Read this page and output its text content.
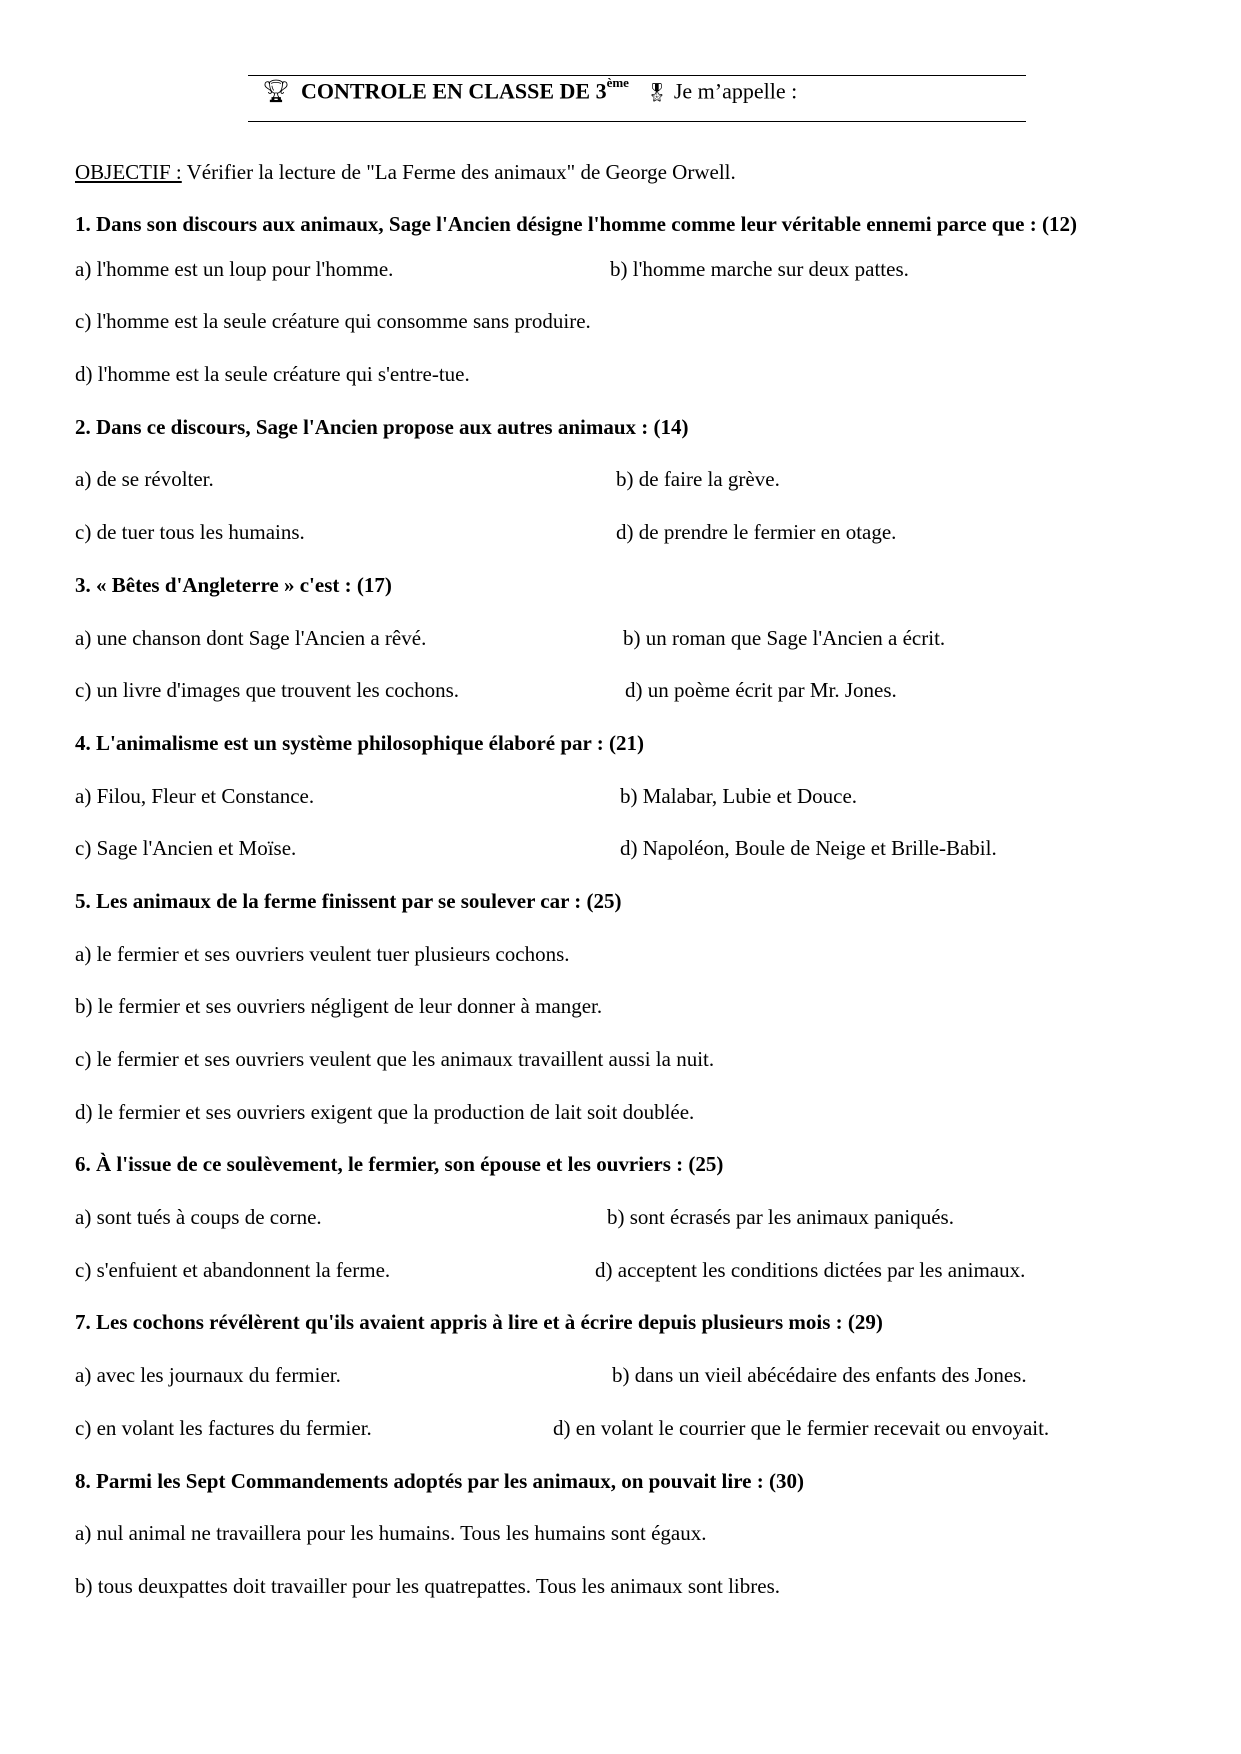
🏆︎ CONTROLE EN CLASSE DE 3ème 🎖︎ Je m’appelle :
OBJECTIF : Vérifier la lecture de "La Ferme des animaux" de George Orwell.
1. Dans son discours aux animaux, Sage l'Ancien désigne l'homme comme leur véritable ennemi parce que : (12)
a) l'homme est un loup pour l'homme.	b) l'homme marche sur deux pattes.
c) l'homme est la seule créature qui consomme sans produire.
d) l'homme est la seule créature qui s'entre-tue.
2. Dans ce discours, Sage l'Ancien propose aux autres animaux : (14)
a) de se révolter.	b) de faire la grève.
c) de tuer tous les humains.	d) de prendre le fermier en otage.
3. « Bêtes d'Angleterre » c'est : (17)
a) une chanson dont Sage l'Ancien a rêvé.	b) un roman que Sage l'Ancien a écrit.
c) un livre d'images que trouvent les cochons.	d) un poème écrit par Mr. Jones.
4. L'animalisme est un système philosophique élaboré par : (21)
a) Filou, Fleur et Constance.	b) Malabar, Lubie et Douce.
c) Sage l'Ancien et Moïse.	d) Napoléon, Boule de Neige et Brille-Babil.
5. Les animaux de la ferme finissent par se soulever car : (25)
a) le fermier et ses ouvriers veulent tuer plusieurs cochons.
b) le fermier et ses ouvriers négligent de leur donner à manger.
c) le fermier et ses ouvriers veulent que les animaux travaillent aussi la nuit.
d) le fermier et ses ouvriers exigent que la production de lait soit doublée.
6. À l'issue de ce soulèvement, le fermier, son épouse et les ouvriers : (25)
a) sont tués à coups de corne.	b) sont écrasés par les animaux paniqués.
c) s'enfuient et abandonnent la ferme.	d) acceptent les conditions dictées par les animaux.
7. Les cochons révélèrent qu'ils avaient appris à lire et à écrire depuis plusieurs mois : (29)
a) avec les journaux du fermier.	b) dans un vieil abécédaire des enfants des Jones.
c) en volant les factures du fermier.	d) en volant le courrier que le fermier recevait ou envoyait.
8. Parmi les Sept Commandements adoptés par les animaux, on pouvait lire : (30)
a) nul animal ne travaillera pour les humains. Tous les humains sont égaux.
b) tous deuxpattes doit travailler pour les quatrepattes. Tous les animaux sont libres.
